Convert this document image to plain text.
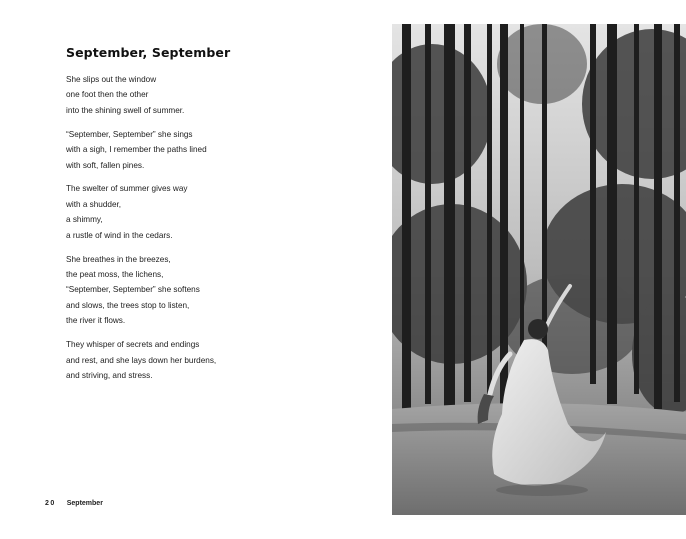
September, September
She slips out the window
one foot then the other
into the shining swell of summer.
“September, September” she sings
with a sigh, I remember the paths lined
with soft, fallen pines.
The swelter of summer gives way
with a shudder,
a shimmy,
a rustle of wind in the cedars.
She breathes in the breezes,
the peat moss, the lichens,
“September, September” she softens
and slows, the trees stop to listen,
the river it flows.
They whisper of secrets and endings
and rest, and she lays down her burdens,
and striving, and stress.
20 September
